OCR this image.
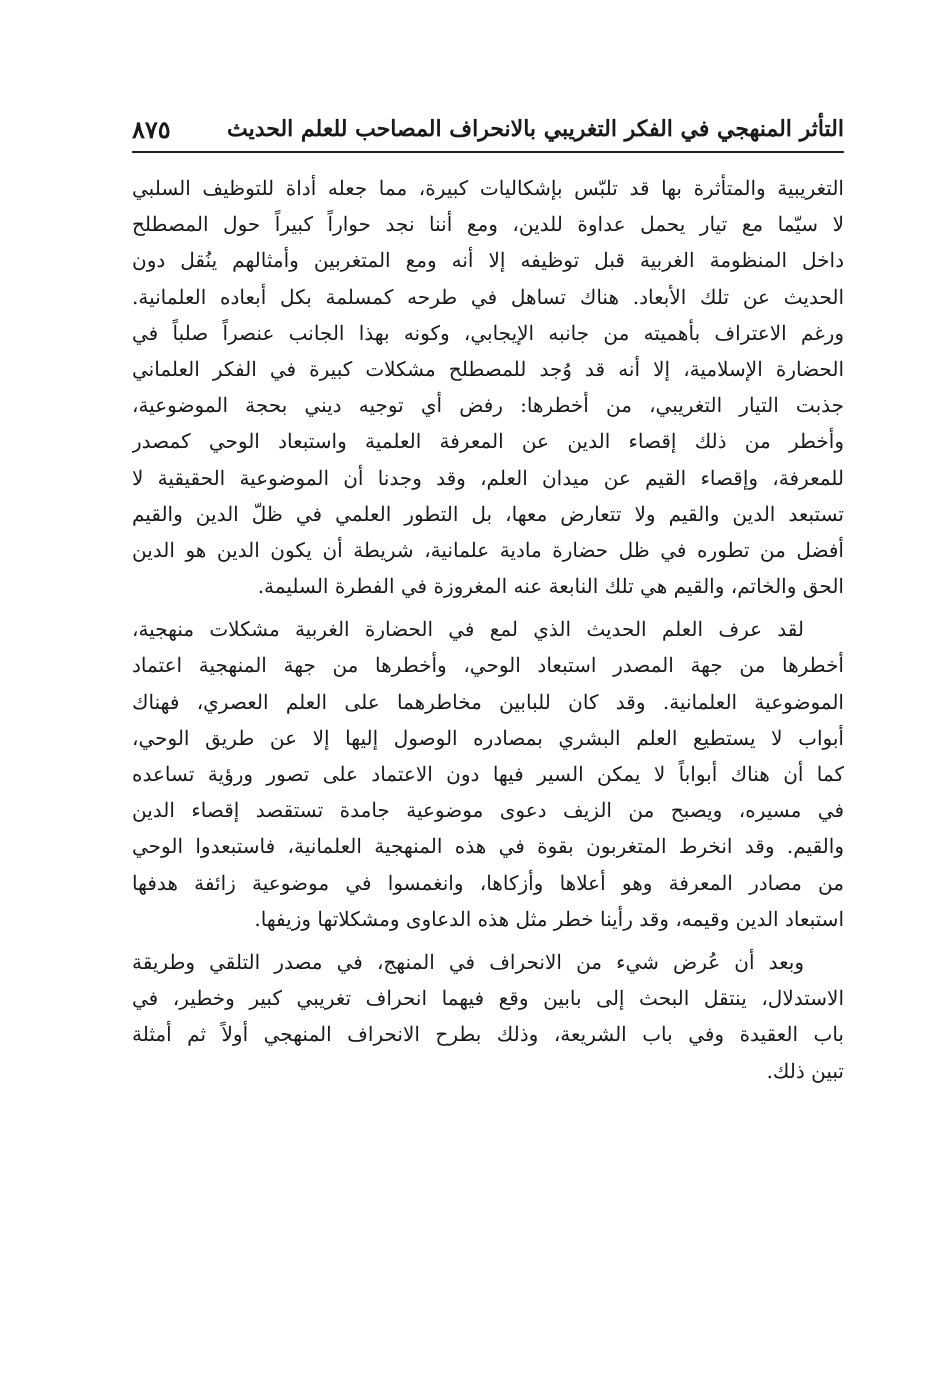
التأثر المنهجي في الفكر التغريبي بالانحراف المصاحب للعلم الحديث
٨٧٥
التغريبية والمتأثرة بها قد تلبّس بإشكاليات كبيرة، مما جعله أداة للتوظيف السلبي
لا سيّما مع تيار يحمل عداوة للدين، ومع أننا نجد حواراً كبيراً حول المصطلح
داخل المنظومة الغربية قبل توظيفه إلا أنه ومع المتغربين وأمثالهم ينُقل دون
الحديث عن تلك الأبعاد. هناك تساهل في طرحه كمسلمة بكل أبعاده العلمانية.
ورغم الاعتراف بأهميته من جانبه الإيجابي، وكونه بهذا الجانب عنصراً صلباً في
الحضارة الإسلامية، إلا أنه قد وُجد للمصطلح مشكلات كبيرة في الفكر العلماني
جذبت التيار التغريبي، من أخطرها: رفض أي توجيه ديني بحجة الموضوعية،
وأخطر من ذلك إقصاء الدين عن المعرفة العلمية واستبعاد الوحي كمصدر
للمعرفة، وإقصاء القيم عن ميدان العلم، وقد وجدنا أن الموضوعية الحقيقية لا
تستبعد الدين والقيم ولا تتعارض معها، بل التطور العلمي في ظلّ الدين والقيم
أفضل من تطوره في ظل حضارة مادية علمانية، شريطة أن يكون الدين هو الدين
الحق والخاتم، والقيم هي تلك النابعة عنه المغروزة في الفطرة السليمة.
لقد عرف العلم الحديث الذي لمع في الحضارة الغربية مشكلات منهجية،
أخطرها من جهة المصدر استبعاد الوحي، وأخطرها من جهة المنهجية اعتماد
الموضوعية العلمانية. وقد كان للبابين مخاطرهما على العلم العصري، فهناك
أبواب لا يستطيع العلم البشري بمصادره الوصول إليها إلا عن طريق الوحي،
كما أن هناك أبواباً لا يمكن السير فيها دون الاعتماد على تصور ورؤية تساعده
في مسيره، ويصبح من الزيف دعوى موضوعية جامدة تستقصد إقصاء الدين
والقيم. وقد انخرط المتغربون بقوة في هذه المنهجية العلمانية، فاستبعدوا الوحي
من مصادر المعرفة وهو أعلاها وأزكاها، وانغمسوا في موضوعية زائفة هدفها
استبعاد الدين وقيمه، وقد رأينا خطر مثل هذه الدعاوى ومشكلاتها وزيفها.
وبعد أن عُرض شيء من الانحراف في المنهج، في مصدر التلقي وطريقة
الاستدلال، ينتقل البحث إلى بابين وقع فيهما انحراف تغريبي كبير وخطير، في
باب العقيدة وفي باب الشريعة، وذلك بطرح الانحراف المنهجي أولاً ثم أمثلة
تبين ذلك.
